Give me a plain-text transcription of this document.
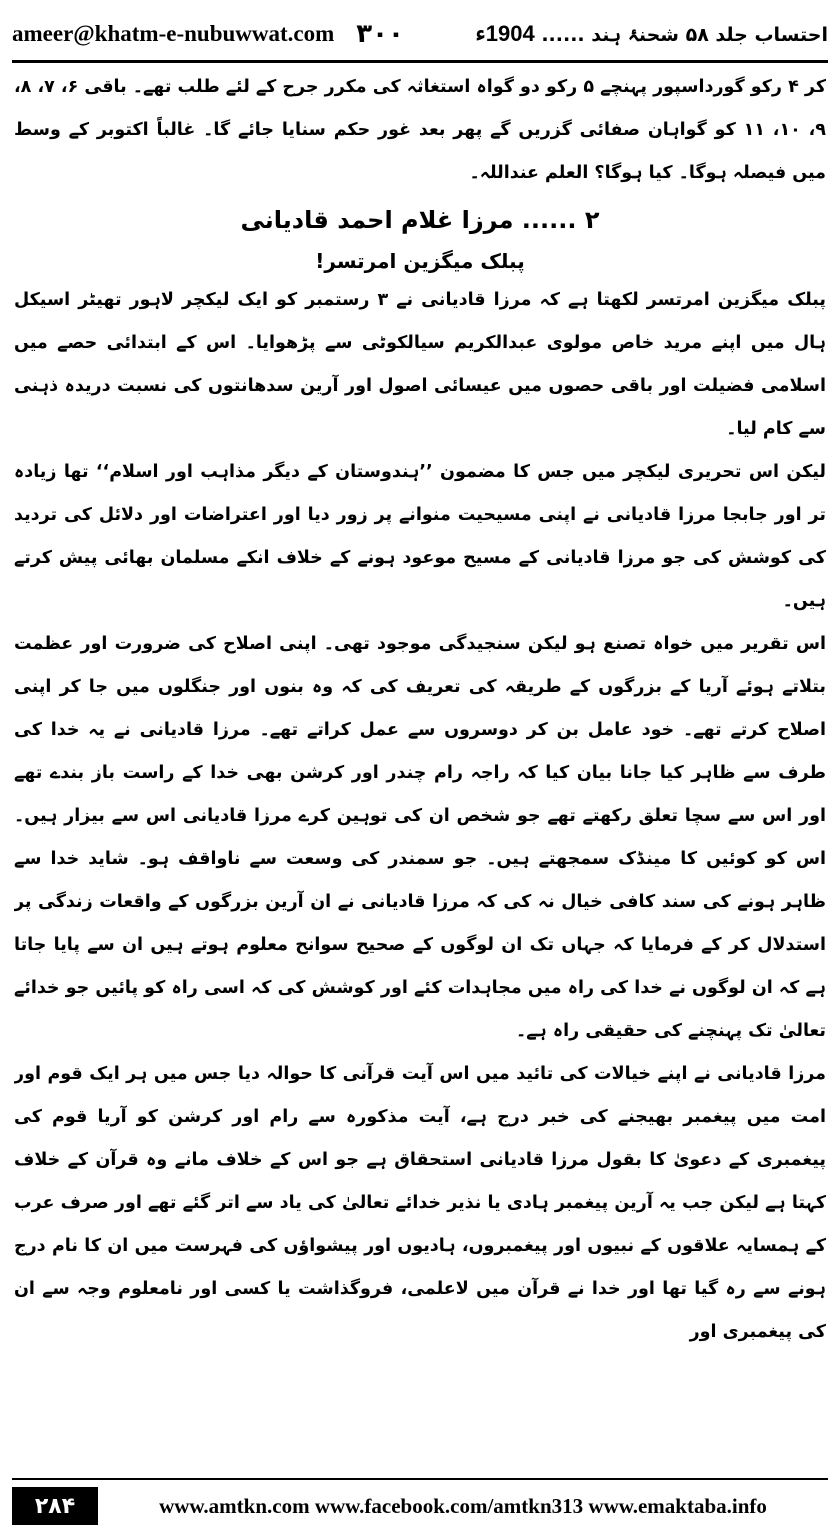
ameer@khatm-e-nubuwwat.com ۳۰۰	احتساب جلد ۵۸ شحنۂ ہند ...... 1904ء

کر ۴ رکو گورداسپور پہنچے ۵ رکو دو گواہ استغاثہ کی مکرر جرح کے لئے طلب تھے۔ باقی ۶، ۷، ۸، ۹، ۱۰، ۱۱ کو گواہان صفائی گزریں گے پھر بعد غور حکم سنایا جائے گا۔ غالباً اکتوبر کے وسط میں فیصلہ ہوگا۔ کیا ہوگا؟ العلم عنداللہ۔

۲ ...... مرزا غلام احمد قادیانی
پبلک میگزین امرتسر!

پبلک میگزین امرتسر لکھتا ہے کہ مرزا قادیانی نے ۳ رستمبر کو ایک لیکچر لاہور تھیٹر اسیکل ہال میں اپنے مرید خاص مولوی عبدالکریم سیالکوٹی سے پڑھوایا۔ اس کے ابتدائی حصے میں اسلامی فضیلت اور باقی حصوں میں عیسائی اصول اور آرین سدھانتوں کی نسبت دریدہ ذہنی سے کام لیا۔

لیکن اس تحریری لیکچر میں جس کا مضمون ’’ہندوستان کے دیگر مذاہب اور اسلام‘‘ تھا زیادہ تر اور جابجا مرزا قادیانی نے اپنی مسیحیت منوانے پر زور دیا اور اعتراضات اور دلائل کی تردید کی کوشش کی جو مرزا قادیانی کے مسیح موعود ہونے کے خلاف انکے مسلمان بھائی پیش کرتے ہیں۔

اس تقریر میں خواہ تصنع ہو لیکن سنجیدگی موجود تھی۔ اپنی اصلاح کی ضرورت اور عظمت بتلاتے ہوئے آریا کے بزرگوں کے طریقہ کی تعریف کی کہ وہ بنوں اور جنگلوں میں جا کر اپنی اصلاح کرتے تھے۔ خود عامل بن کر دوسروں سے عمل کراتے تھے۔ مرزا قادیانی نے یہ خدا کی طرف سے ظاہر کیا جانا بیان کیا کہ راجہ رام چندر اور کرشن بھی خدا کے راست باز بندے تھے اور اس سے سچا تعلق رکھتے تھے جو شخص ان کی توہین کرے مرزا قادیانی اس سے بیزار ہیں۔ اس کو کوئیں کا مینڈک سمجھتے ہیں۔ جو سمندر کی وسعت سے ناواقف ہو۔ شاید خدا سے ظاہر ہونے کی سند کافی خیال نہ کی کہ مرزا قادیانی نے ان آرین بزرگوں کے واقعات زندگی پر استدلال کر کے فرمایا کہ جہاں تک ان لوگوں کے صحیح سوانح معلوم ہوتے ہیں ان سے پایا جاتا ہے کہ ان لوگوں نے خدا کی راہ میں مجاہدات کئے اور کوشش کی کہ اسی راہ کو پائیں جو خدائے تعالیٰ تک پہنچنے کی حقیقی راہ ہے۔

مرزا قادیانی نے اپنے خیالات کی تائید میں اس آیت قرآنی کا حوالہ دیا جس میں ہر ایک قوم اور امت میں پیغمبر بھیجنے کی خبر درج ہے، آیت مذکورہ سے رام اور کرشن کو آریا قوم کی پیغمبری کے دعویٰ کا بقول مرزا قادیانی استحقاق ہے جو اس کے خلاف مانے وہ قرآن کے خلاف کہتا ہے لیکن جب یہ آرین پیغمبر ہادی یا نذیر خدائے تعالیٰ کی یاد سے اتر گئے تھے اور صرف عرب کے ہمسایہ علاقوں کے نبیوں اور پیغمبروں، ہادیوں اور پیشواؤں کی فہرست میں ان کا نام درج ہونے سے رہ گیا تھا اور خدا نے قرآن میں لاعلمی، فروگذاشت یا کسی اور نامعلوم وجہ سے ان کی پیغمبری اور

۲۸۴	www.amtkn.com www.facebook.com/amtkn313 www.emaktaba.info
